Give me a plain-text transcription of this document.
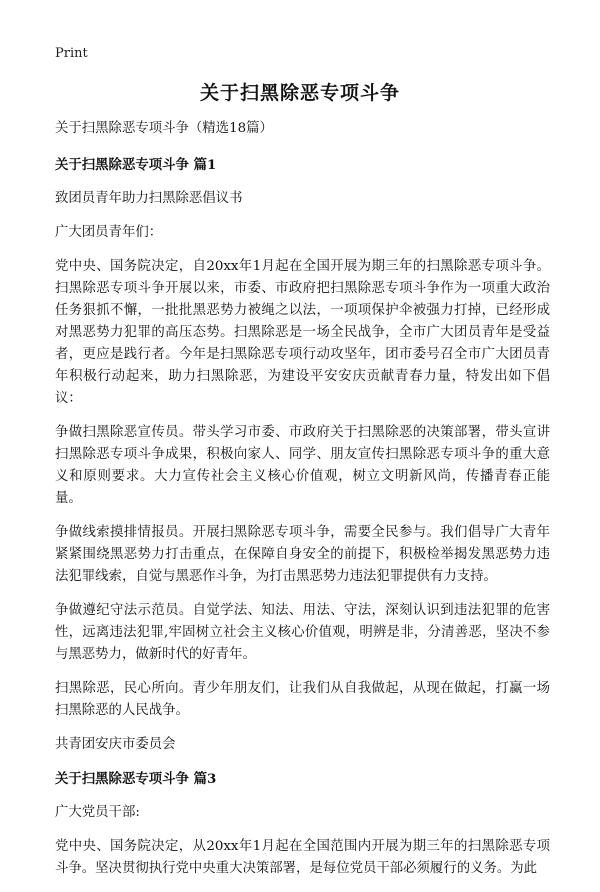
Print
关于扫黑除恶专项斗争

关于扫黑除恶专项斗争（精选18篇）

关于扫黑除恶专项斗争 篇1

致团员青年助力扫黑除恶倡议书

广大团员青年们：

党中央、国务院决定，自20xx年1月起在全国开展为期三年的扫黑除恶专项斗争。扫黑除恶专项斗争开展以来，市委、市政府把扫黑除恶专项斗争作为一项重大政治任务狠抓不懈，一批批黑恶势力被绳之以法，一项项保护伞被强力打掉，已经形成对黑恶势力犯罪的高压态势。扫黑除恶是一场全民战争，全市广大团员青年是受益者，更应是践行者。今年是扫黑除恶专项行动攻坚年，团市委号召全市广大团员青年积极行动起来，助力扫黑除恶，为建设平安安庆贡献青春力量，特发出如下倡议：

争做扫黑除恶宣传员。带头学习市委、市政府关于扫黑除恶的决策部署，带头宣讲扫黑除恶专项斗争成果，积极向家人、同学、朋友宣传扫黑除恶专项斗争的重大意义和原则要求。大力宣传社会主义核心价值观，树立文明新风尚，传播青春正能量。

争做线索摸排情报员。开展扫黑除恶专项斗争，需要全民参与。我们倡导广大青年紧紧围绕黑恶势力打击重点，在保障自身安全的前提下，积极检举揭发黑恶势力违法犯罪线索，自觉与黑恶作斗争，为打击黑恶势力违法犯罪提供有力支持。

争做遵纪守法示范员。自觉学法、知法、用法、守法，深刻认识到违法犯罪的危害性，远离违法犯罪,牢固树立社会主义核心价值观，明辨是非，分清善恶，坚决不参与黑恶势力，做新时代的好青年。

扫黑除恶，民心所向。青少年朋友们，让我们从自我做起，从现在做起，打赢一场扫黑除恶的人民战争。

共青团安庆市委员会

关于扫黑除恶专项斗争 篇3

广大党员干部:

党中央、国务院决定，从20xx年1月起在全国范围内开展为期三年的扫黑除恶专项斗争。坚决贯彻执行党中央重大决策部署，是每位党员干部必须履行的义务。为此
